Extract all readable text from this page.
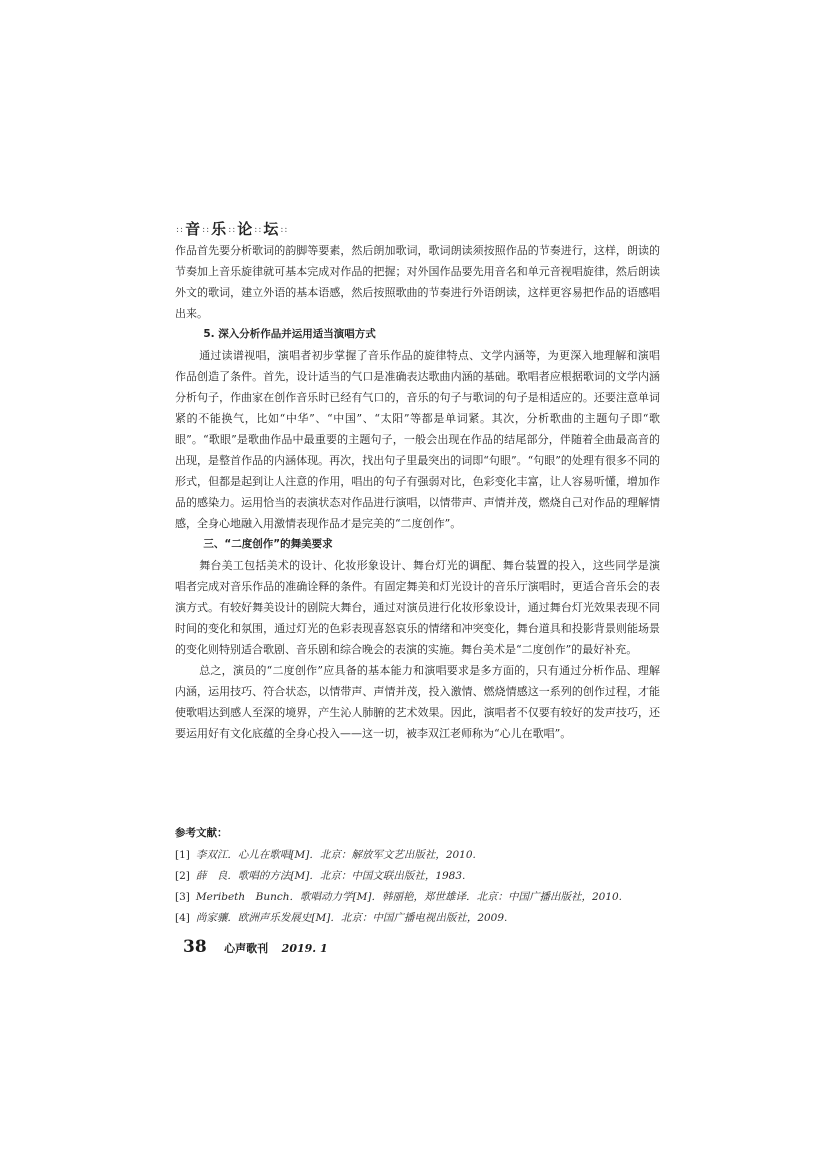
::音::乐::论::坛::

作品首先要分析歌词的韵脚等要素，然后朗加歌词，歌词朗读须按照作品的节奏进行，这样，朗读的节奏加上音乐旋律就可基本完成对作品的把握；对外国作品要先用音名和单元音视唱旋律，然后朗读外文的歌词，建立外语的基本语感，然后按照歌曲的节奏进行外语朗读，这样更容易把作品的语感唱出来。

5. 深入分析作品并运用适当演唱方式

通过读谱视唱，演唱者初步掌握了音乐作品的旋律特点、文学内涵等，为更深入地理解和演唱作品创造了条件。首先，设计适当的气口是准确表达歌曲内涵的基础。歌唱者应根据歌词的文学内涵分析句子，作曲家在创作音乐时已经有气口的，音乐的句子与歌词的句子是相适应的。还要注意单词紧的不能换气，比如“中华”、“中国”、“太阳”等都是单词紧。其次，分析歌曲的主题句子即“歌眼”。“歌眼”是歌曲作品中最重要的主题句子，一般会出现在作品的结尾部分，伴随着全曲最高音的出现，是整首作品的内涵体现。再次，找出句子里最突出的词即“句眼”。“句眼”的处理有很多不同的形式，但都是起到让人注意的作用，唱出的句子有强弱对比，色彩变化丰富，让人容易听懂，增加作品的感染力。运用恰当的表演状态对作品进行演唱，以情带声、声情并茂，燃烧自己对作品的理解情感，全身心地融入用激情表现作品才是完美的“二度创作”。

三、“二度创作”的舞美要求

舞台美工包括美术的设计、化妆形象设计、舞台灯光的调配、舞台装置的投入，这些同学是演唱者完成对音乐作品的准确诠释的条件。有固定舞美和灯光设计的音乐厅演唱时，更适合音乐会的表演方式。有较好舞美设计的剧院大舞台，通过对演员进行化妆形象设计，通过舞台灯光效果表现不同时间的变化和氛围，通过灯光的色彩表现喜怒哀乐的情绪和冲突变化，舞台道具和投影背景则能场景的变化则特别适合歌剧、音乐剧和综合晚会的表演的实施。舞台美术是“二度创作”的最好补充。

总之，演员的“二度创作”应具备的基本能力和演唱要求是多方面的，只有通过分析作品、理解内涵，运用技巧、符合状态，以情带声、声情并茂，投入激情、燃烧情感这一系列的创作过程，才能使歌唱达到感人至深的境界，产生沁人肺腑的艺术效果。因此，演唱者不仅要有较好的发声技巧，还要运用好有文化底蕴的全身心投入——这一切，被李双江老师称为“心儿在歌唱”。

参考文献：
[1] 李双江．心儿在歌唱[M]．北京：解放军文艺出版社，2010.
[2] 薛　良．歌唱的方法[M]．北京：中国文联出版社，1983.
[3] Meribeth　Bunch．歌唱动力学[M]．韩丽艳，郑世雄译．北京：中国广播出版社，2010.
[4] 尚家骧．欧洲声乐发展史[M]．北京：中国广播电视出版社，2009.
38 心声歌刊 2019. 1
